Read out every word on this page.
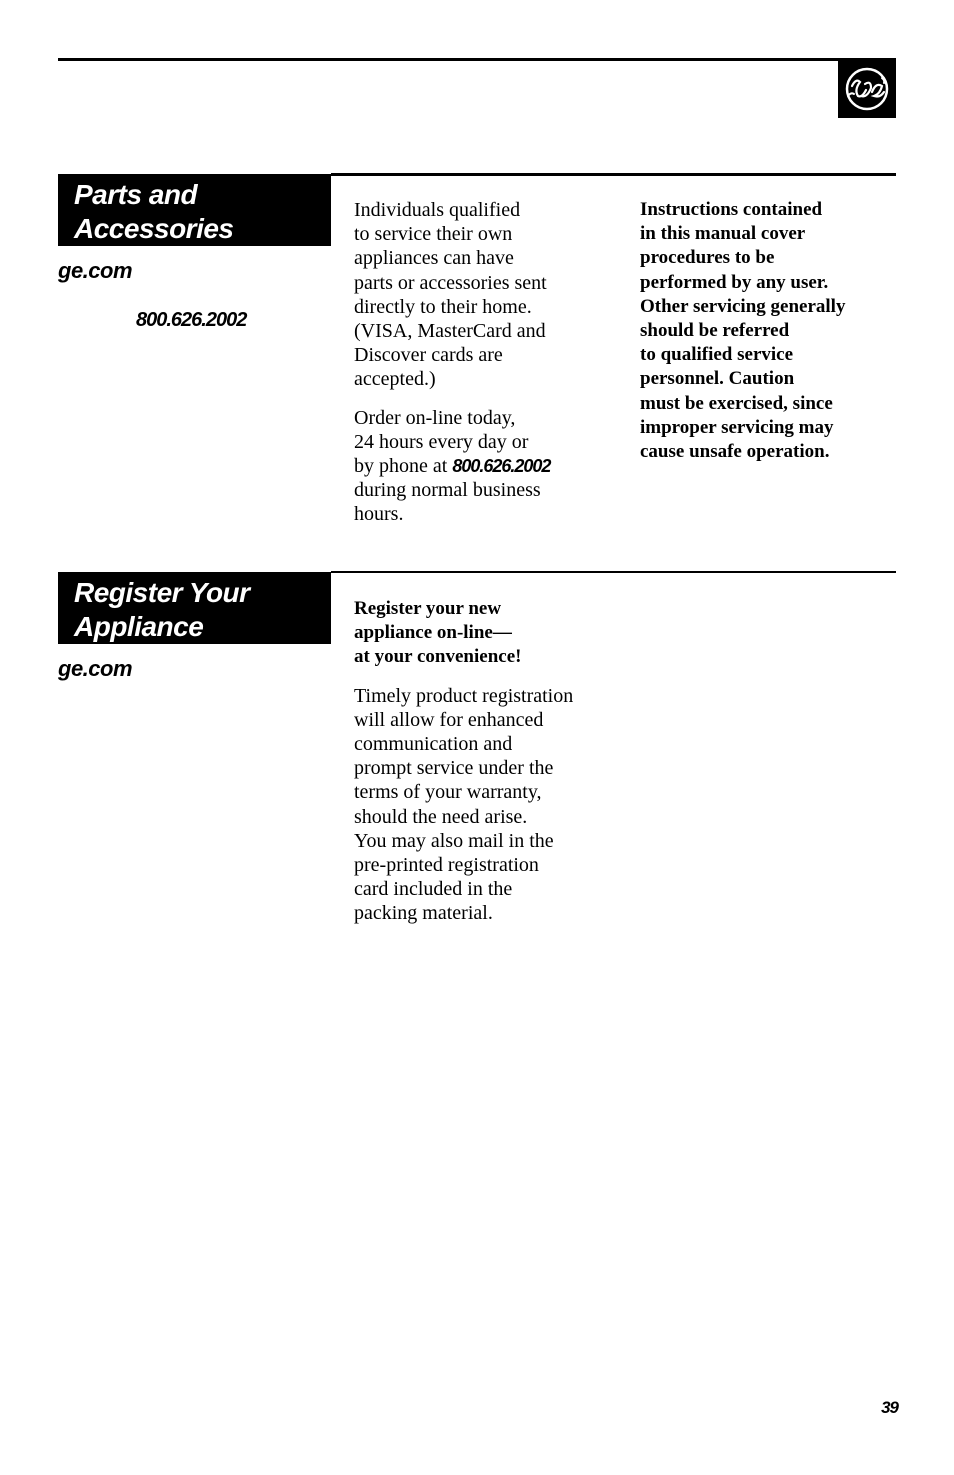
Parts and
Accessories
ge.com
800.626.2002

Individuals qualified
to service their own
appliances can have
parts or accessories sent
directly to their home.
(VISA, MasterCard and
Discover cards are
accepted.)

Order on-line today,
24 hours every day or
by phone at 800.626.2002
during normal business
hours.

Instructions contained
in this manual cover
procedures to be
performed by any user.
Other servicing generally
should be referred
to qualified service
personnel. Caution
must be exercised, since
improper servicing may
cause unsafe operation.

Register Your
Appliance
ge.com

Register your new
appliance on-line—
at your convenience!

Timely product registration
will allow for enhanced
communication and
prompt service under the
terms of your warranty,
should the need arise.
You may also mail in the
pre-printed registration
card included in the
packing material.

39
